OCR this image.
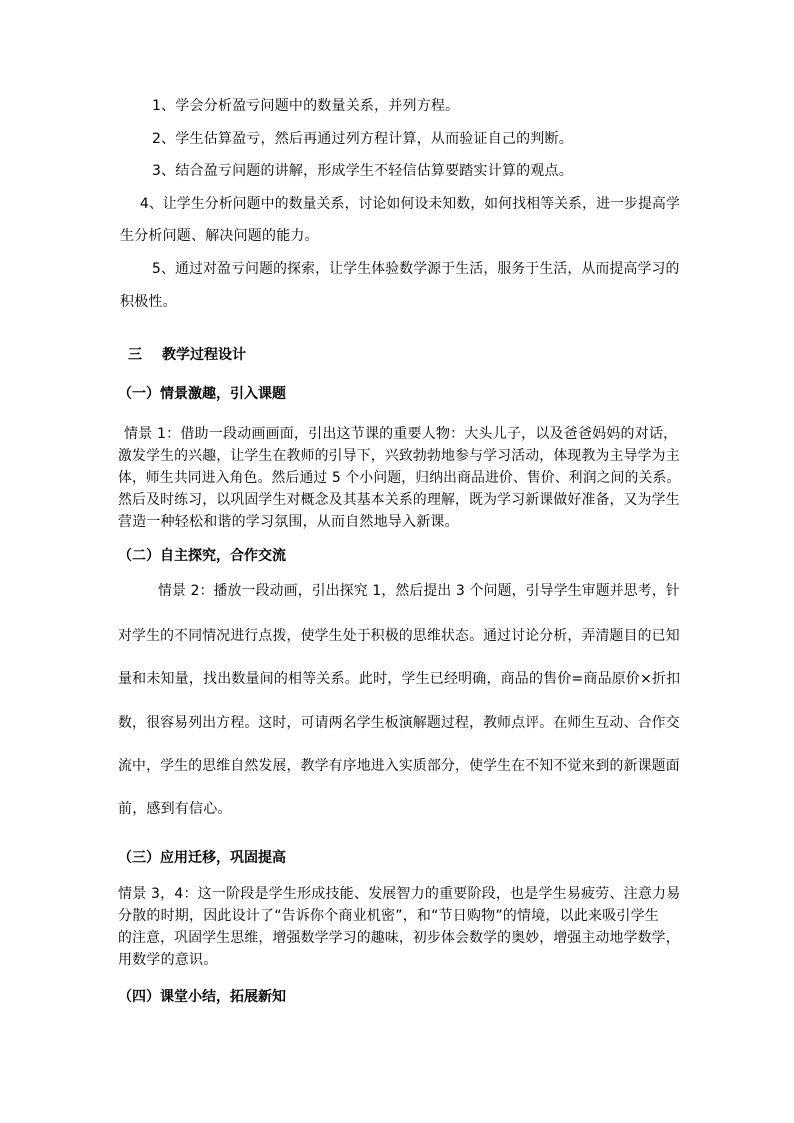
1、学会分析盈亏问题中的数量关系，并列方程。
2、学生估算盈亏，然后再通过列方程计算，从而验证自己的判断。
3、结合盈亏问题的讲解，形成学生不轻信估算要踏实计算的观点。
4、让学生分析问题中的数量关系，讨论如何设未知数，如何找相等关系，进一步提高学
生分析问题、解决问题的能力。
5、通过对盈亏问题的探索，让学生体验数学源于生活，服务于生活，从而提高学习的
积极性。
三 教学过程设计
（一）情景激趣，引入课题
情景 1：借助一段动画画面，引出这节课的重要人物：大头儿子，以及爸爸妈妈的对话，
激发学生的兴趣，让学生在教师的引导下，兴致勃勃地参与学习活动，体现教为主导学为主
体，师生共同进入角色。然后通过 5 个小问题，归纳出商品进价、售价、利润之间的关系。
然后及时练习，以巩固学生对概念及其基本关系的理解，既为学习新课做好准备，又为学生
营造一种轻松和谐的学习氛围，从而自然地导入新课。
（二）自主探究，合作交流
情景 2：播放一段动画，引出探究 1，然后提出 3 个问题，引导学生审题并思考，针
对学生的不同情况进行点拨，使学生处于积极的思维状态。通过讨论分析，弄清题目的已知
量和未知量，找出数量间的相等关系。此时，学生已经明确，商品的售价=商品原价×折扣
数，很容易列出方程。这时，可请两名学生板演解题过程，教师点评。在师生互动、合作交
流中，学生的思维自然发展，教学有序地进入实质部分，使学生在不知不觉来到的新课题面
前，感到有信心。
（三）应用迁移，巩固提高
情景 3，4：这一阶段是学生形成技能、发展智力的重要阶段，也是学生易疲劳、注意力易
分散的时期，因此设计了“告诉你个商业机密”，和“节日购物”的情境，以此来吸引学生
的注意，巩固学生思维，增强数学学习的趣味，初步体会数学的奥妙，增强主动地学数学，
用数学的意识。
（四）课堂小结，拓展新知
